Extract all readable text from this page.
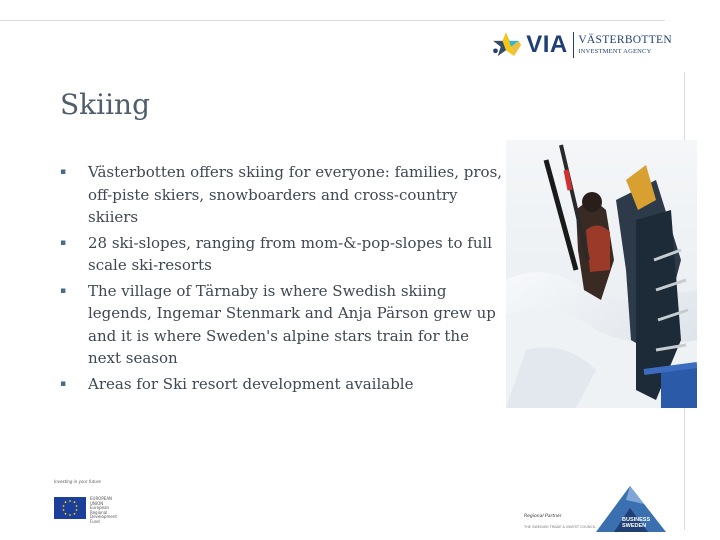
VIA VÄSTERBOTTEN
INVESTMENT AGENCY
Skiing
▪	Västerbotten offers skiing for everyone: families, pros, off-piste skiers, snowboarders and cross-country skiiers
▪	28 ski-slopes, ranging from mom-&-pop-slopes to full scale ski-resorts
▪	The village of Tärnaby is where Swedish skiing legends, Ingemar Stenmark and Anja Pärson grew up and it is where Sweden's alpine stars train for the next season
▪	Areas for Ski resort development available
Investing in your future
EUROPEAN UNION European Regional Development Fund
Regional Partner
THE SWEDISH TRADE & INVEST COUNCIL
BUSINESS
SWEDEN
